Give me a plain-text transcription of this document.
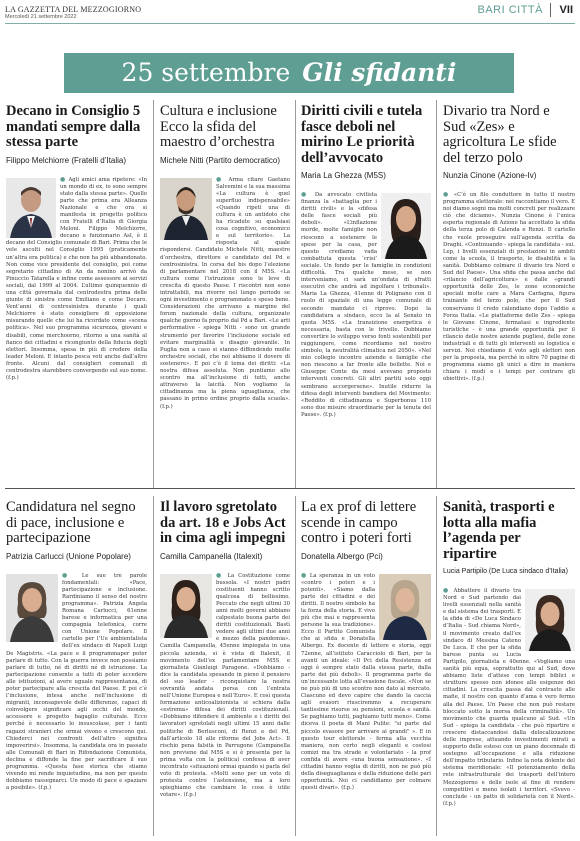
LA GAZZETTA DEL MEZZOGIORNO
Mercoledì 21 settembre 2022
BARI CITTÀ VII
25 settembre Gli sfidanti
Decano in Consiglio 5 mandati sempre dalla stessa parte
Filippo Melchiorre (Fratelli d’Italia)
● Agli amici ama ripetere: «In un mondo di ex, io sono sempre stato dalla stessa parte». Quello parte che prima era Alleanza Nazionale e che ora si manifesta in progetto politico con Fratelli d’Italia di Giorgia Meloni. Filippo Melchiorre, decano e funzionario Asl, è il decano del Consiglio comunale di Bari. Prima che le vele ascolti nel Consiglio 1995 (praticamente un’altra era politica) e che non ha più abbandonato. Non come vice presidente del consiglio, poi come segretario cittadino di An da nonino arrivò da Pinuccio Tatarella e infine come assessore ai servizi sociali, dal 1999 al 2004. L’ultimo quinquennio di una città governata dal centrodestra prima delle giunte di sinistra come Emiliano e come Decaro. Vent’anni di centrosinistra durante i quali Melchiorre è stato consigliere di opposizione misurando quelle che lui ha ricordato come «scena politica». Nel suo programma sicurezza, giovani e disabili, come merchoorno, ritorno a una sanità al fianco dei cittadini e ricongiunto della fiducia degli elettori. Insomma, spesa in più di credere della leader Meloni. E intanto pesca voti anche dall’altro fronte. Alcuni dal consiglieri comunali di centrodestra starebbero convergendo sul suo nome. (f.p.)
Cultura e inclusione Ecco la sfida del maestro d’orchestra
Michele Nitti (Partito democratico)
● Arma citare Gaetano Salvemini e la sua massima «La cultura è quel superfluo indispensabile» «Quando ripeti una di cultura è un antidoto che ha ricadute su qualsiasi cosa cognitivo, economico e sul territorio». La risposta al quale rispondersi. Candidato Michele Nitti, maestro d’orchestra, direttore e candidato del Pd e centrosinistra. In corsa del bis dopo l’elezione di parlamentare nel 2018 con il M5S. «La cultura come l’istruzione sono le leve di crescita di questo Paese. I riscontri non sono intrattabili, ma rivorre nel lungo periodo se ogni investimento e programmato e speso bene. Considerazioni che arrivano a margine del forum nazionale della cultura, organizzato qualche giorno fa proprio dal Pd a Bari. «Le arti performative - spiega Nitti - sono un grande strumento per favorire l’inclusione sociale ed evitare marginalità e disagio giovanile. In Puglia non a caso si stanno diffondendo molte orchestre sociali, che noi abbiamo il dovere di sostenere». E poi c’è il tema dei diritti: «La nostra difesa assoluta. Non puntiamo allo scontro ma all’inclusione di tutti, anche attraverso la laicità. Non vogliamo la cittadinanza ma la piena uguaglianza, che passano in primo ordine proprio dalla scuola». (f.p.)
Diritti civili e tutela fasce deboli nel mirino Le priorità dell’avvocato
Maria La Ghezza (M5S)
● Da avvocato civilista finanza la «battaglia per i diritti civili» e la «difesa delle fasce sociali più deboli». «L’inflazione morde, molte famiglie non riescono a sostenere le spese per la casa, per questo crediamo vada combattuta questa ‘crisi’ sociale. Un fondo per le famiglie in condizioni difficoltà. Tra qualche mese, se non interveniamo, ci sarà un’ondata di sfratti esecutivi che andrà ad ingolfare i tribunali». Maria La Ghezza, 41enne di Polignano con il ruolo di spaziale di una legge comunale di secondo mandato ci riprovo. Dopo la candidatura a sindaco, ecco la al Senato in quota M5S. «La transizione energetica è necessaria, basta con le trivelle. Dobbiamo convertire lo sviluppo verso fonti sostenibili per raggiungere, come ricordiamo nel nostro simbolo, la neutralità climatica nel 2050». «Nel mio collegio incontro aziende e famiglie che non riescono a far fronte alle bollette. Noi e Giuseppe Conte da mesi avevano proposto interventi concreti. Gli altri partiti solo oggi sembrano accorgersene». Inutile ridurre la difesa degli interventi bandiera del Movimento: «Reddito di cittadinanza e Superbonus 110 sono due misure straordinarie per la tenuta del Paese». (f.p.)
Divario tra Nord e Sud «Zes» e agricoltura Le sfide del terzo polo
Nunzia Cinone (Azione-Iv)
● «C’è un filo conduttore in tutto il nostro programma elettorale: nei raccontiamo il vero. E noi diamo sogni ma molti concreti per realizzare ciò che diciamo». Nunzia Cinone è l’unica esperta regionale di Azione ha accettato la sfida della terza polo di Calenda e Renzi. Il cartello che vuole proseguire sull’agenda scritta da Draghi. «Continuando - spiega la candidata - sui. Lep, i livelli essenziali di prestazioni in ambiti come la scuola, il trasporto, le disabilità e la sanità. Dobbiamo colmare il divario tra Nord e Sud del Paese». Una sfida che passa anche dal «rilancio dell’agricoltura» e dalle «grandi opportunità delle Zes, le zone economiche speciali molte care a Mara Carfagna, figura trainante del terzo polo, che per il Sud conservano il credo calendiano dopo l’addio a Forza Italia. «Le piattaforme delle Zes - spiega le Giovane Cinone, fermatasi e ingrediente turistiche - è una grande opportunità per il rilancio delle nostre aziende pugliesi, delle zone industriali e di tutti gli interventi su logistica e servizi. Noi chiediamo il voto agli elettori non per la proposta, ma perché in oltre 70 pagine di programma siamo gli unici a dire in maniera chiara i modi e i tempi per centrare gli obiettivi». (f.p.)
Candidatura nel segno di pace, inclusione e partecipazione
Patrizia Carlucci (Unione Popolare)
● Le sue tre parole fondamentali: «Pace, partecipazione e inclusione. Rardiniamo il senso del nostro programma». Patrizia Angela Romana Carlucci, 61enne barese e informatica per una compagnia telefonica, corre con Unione Popolare. Il cartello per l’Ue ambientalista dell’ex sindaco di Napoli Luigi De Magistris. «La pace e il programmaper poter parlare di tutto. Con la guerra invece non possiamo parlare di tutto, né di diritti né di istruzione. La partecipazione consente a tutti di poter accedere alle istituzioni, al avere uguale rappresentanza, di poter partecipare alla crescita del Paese. E poi c’è l’inclusione, intesa anche nell’inclusione di migranti, inconsapevole delle differenze, capaci di coinvolgere significare agli occhi del mondo, accessore e progetto bagaglio culturale. Ecco perché è necessario lo insuscolase, per i tanti ragazzi stranieri che ormai vivono e crescono qui. Chiederci nei confronti dell’altro significa impoverirsi». Insomma, la candidata ora in passato alle Comunali di Bari in Rifondazione Comunista, declina e diffonde la fine per sacrificare il suo programma. «Questa fase storica che stiamo vivendo mi rende inquietudine, ma non per questo dobbiamo rassegnarci. Un modo di pace e spaziare a posibile». (f.p.)
Il lavoro sgretolato da art. 18 e Jobs Act in cima agli impegni
Camilla Campanella (Italexit)
● La Costituzione come bussola. «I nostri padri costituenti hanno scritto qualcosa di bellissimo. Peccato che negli ultimi 30 anni molti governi abbiano calpestato buona parte dei diritti costituzionali. Basti vedere agli ultimi due anni e mezzo della pandemia». Camilla Campanella, 45enne impiegata in una piccola azienda, si è vista di Italexit, il movimento dell’ex parlamentare M5S e giornalista Gianluigi Paragone. «Dobbiamo - dice la candidata spesando in pieno il pensiero del suo leader - riconquistare la nostra sovranità andata persa con l’entrata nell’Unione Europea e nell’Euro». E così questa formazione anticoalizionista si schiera dalla «estrema» difesa dei diritti costituzionali. «Dobbiamo difendere il ambiente e i diritti dei lavoratori sgretolati negli ultimi 15 anni dalle politiche di Berlusconi, di Renzi e del Pd, dall’articolo 18 alle riforme del Jobs Act». Il rischio pena falsità in Parrugone (Campanella non previene dal M5S e si è presenta per la prima volta con la politica) confessa di aver incontrato «situazioni ormai quando si parla del voto di protesta. «Molti sono per un voto di protesta contro l’astensione, ma a loro spieghiamo che cambiare le cose è utile votare». (f.p.)
La ex prof di lettere scende in campo contro i poteri forti
Donatella Albergo (Pci)
● La speranza in un voto «contro i poteri e i potenti». «Siamo dalla parte dei cittadini e dei diritti. Il nostro simbolo ha la forza della storia. E vivo più che mai e rappresenta persone la sua tradizione». Ecco il Partito Comunista che ai sfida e Donatella Albergo. Ex docente di lettere e storia, oggi 72enne, all’istituto Caracciolo di Bari, per la avanti un ideale: «Il Pci della Resistenza ed oggi è sempre stato dalla stessa parte, dalla parte dei più deboli». Il programma parte da un’incessante lotta all’evasione fiscale. «Non se ne può più di uno scontro non dato al mercato. Ciascuno ed devo capire che dando la caccia agli evasori riusciremmo a recuperare tantissime risorse su pensioni, scuola e sanità. Se paghiamo tutti, paghiamo tutti meno». Come diceva il poeta di Mani Pulite: "si parte dal piccolo evasore per arrivare ai grandi" ». E in questo tour elettorale - ferma alla vecchia maniera, non certo negli eleganti e costosi comizi ma tra strade e volontariato - la prof confida di avere «una buona sensazione». «I cittadini hanno voglia di diritti, non ne può più della diseguaglianza e della riduzione delle pari opportunità. Noi ci candidiamo per colmare questi divari». (f.p.)
Sanità, trasporti e lotta alla mafia l’agenda per ripartire
Lucia Partipilo (De Luca sindaco d’Italia)
● Abbattere il divario tra Nord e Sud partendo dai livelli essenziali nella sanità e dal sistema dei trasporti. E la sfida di «De Luca Sindaco d’Italia - Sud chiama Nord», il movimento creato dall’ex sindaco di Messina Cateno De Luca. E che per la sfida barese punta su Lucia Partipilo, giornalista e 40enne. «Vogliamo una sanità più equa, soprattutto qui al Sud, dove abbiamo liste d’attese con tempi biblici e strutture spesso non idonee alle esigenze dei cittadini. La crescita passa dal contrasto alle mafie, il nostro con quanto d’ama è vero fermo alla del Paese. Un Paese che non può restare bloccato sotto la morsa della criminalità». Un movimento che guarda qualcuno al Sud. «Un Sud - spiega la candidata - che può ripartire e crescere distaccandosi dalla delocalizzazione delle imprese, attuando investimenti mirati a supporto delle esteso con un piano decennale di sostegno all’occupazione e alla riduzione dell’impatto tributario. Infine la nota dolente del sistema meridionale: «Il potenziamento della rete infrastrutturale dei trasporti dell’intero Mezzogiorno e delle isole al fine di rendere competitivi e meno isolati i territori. «Svevo - conclude - un patto di solidarietà con il Nord». (f.p.)
